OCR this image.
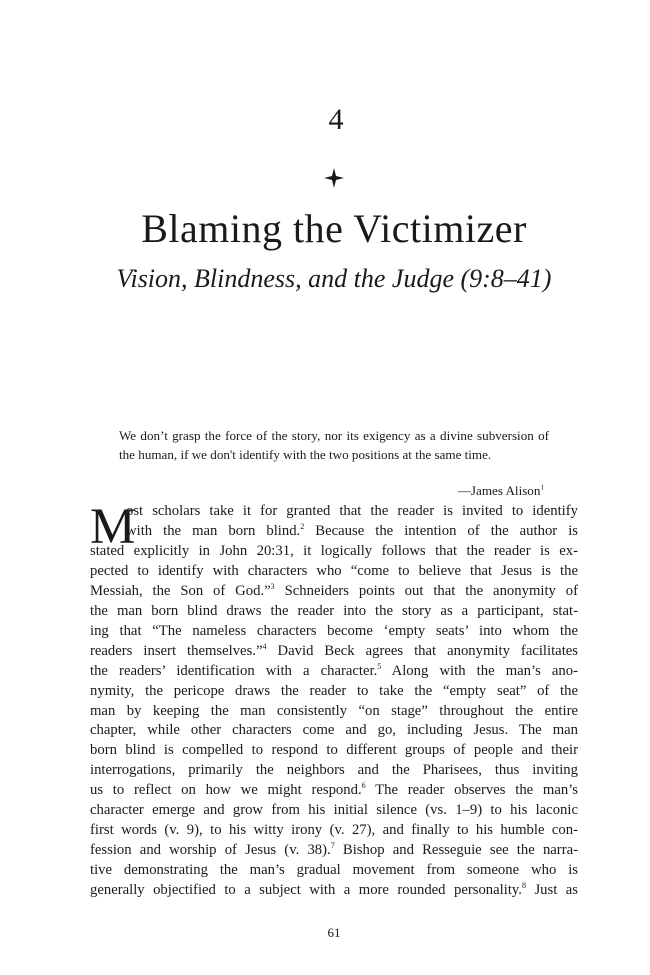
4
Blaming the Victimizer
Vision, Blindness, and the Judge (9:8–41)
We don’t grasp the force of the story, nor its exigency as a divine subversion of the human, if we don't identify with the two positions at the same time.
—James Alison$^1$
M
ost scholars take it for granted that the reader is invited to identify
with the man born blind.$^2$ Because the intention of the author is
stated explicitly in John 20:31, it logically follows that the reader is ex-
pected to identify with characters who “come to believe that Jesus is the
Messiah, the Son of God.”$^3$ Schneiders points out that the anonymity of
the man born blind draws the reader into the story as a participant, stat-
ing that “The nameless characters become ‘empty seats’ into whom the
readers insert themselves.”$^4$ David Beck agrees that anonymity facilitates
the readers’ identification with a character.$^5$ Along with the man’s ano-
nymity, the pericope draws the reader to take the “empty seat” of the
man by keeping the man consistently “on stage” throughout the entire
chapter, while other characters come and go, including Jesus. The man
born blind is compelled to respond to different groups of people and their
interrogations, primarily the neighbors and the Pharisees, thus inviting
us to reflect on how we might respond.$^6$ The reader observes the man’s
character emerge and grow from his initial silence (vs. 1–9) to his laconic
first words (v. 9), to his witty irony (v. 27), and finally to his humble con-
fession and worship of Jesus (v. 38).$^7$ Bishop and Resseguie see the narra-
tive demonstrating the man’s gradual movement from someone who is
generally objectified to a subject with a more rounded personality.$^8$ Just as
61
